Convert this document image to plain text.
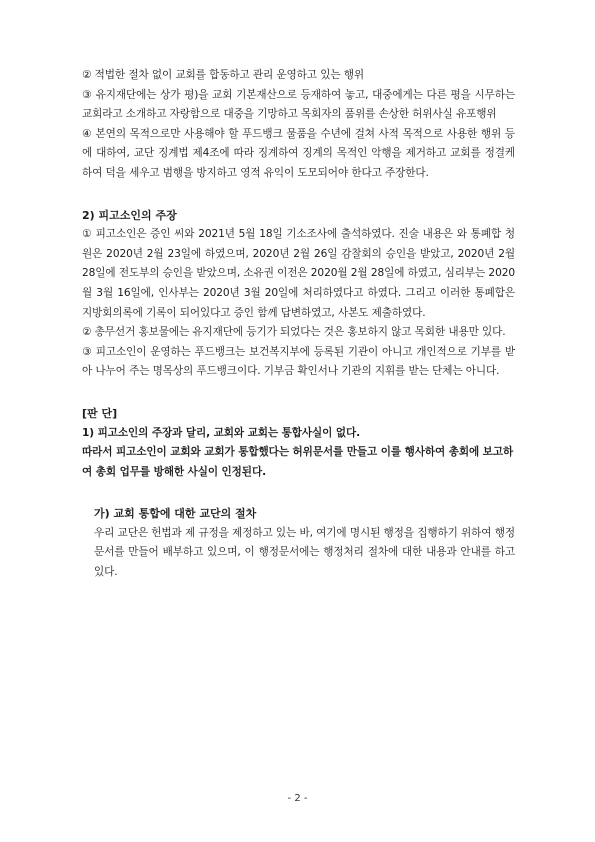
② 적법한 절차 없이 교회를 합동하고 관리 운영하고 있는 행위

③ 유지재단에는 상가 평)을 교회 기본재산으로 등재하여 놓고, 대중에게는 다른 평을 시무하는 교회라고 소개하고 자랑함으로 대중을 기망하고 목회자의 품위를 손상한 허위사실 유포행위

④ 본연의 목적으로만 사용해야 할 푸드뱅크 물품을 수년에 걸쳐 사적 목적으로 사용한 행위 등에 대하여, 교단 징계법 제4조에 따라 징계하여 징계의 목적인 악행을 제거하고 교회를 정결케 하여 덕을 세우고 범행을 방지하고 영적 유익이 도모되어야 한다고 주장한다.

2) 피고소인의 주장

① 피고소인은 증인 씨와 2021년 5월 18일 기소조사에 출석하였다. 진술 내용은 와 통폐합 청원은 2020년 2월 23일에 하였으며, 2020년 2월 26일 감찰회의 승인을 받았고, 2020년 2월 28일에 전도부의 승인을 받았으며, 소유권 이전은 2020월 2월 28일에 하였고, 심리부는 2020월 3월 16일에, 인사부는 2020년 3월 20일에 처리하였다고 하였다. 그리고 이러한 통폐합은 지방회의록에 기록이 되어있다고 증인 함께 답변하였고, 사본도 제출하였다.

② 총무선거 홍보물에는 유지재단에 등기가 되었다는 것은 홍보하지 않고 목회한 내용만 있다.

③ 피고소인이 운영하는 푸드뱅크는 보건복지부에 등록된 기관이 아니고 개인적으로 기부를 받아 나누어 주는 명목상의 푸드뱅크이다. 기부금 확인서나 기관의 지휘를 받는 단체는 아니다.

[판 단]

1) 피고소인의 주장과 달리, 교회와 교회는 통합사실이 없다.

따라서 피고소인이 교회와 교회가 통합했다는 허위문서를 만들고 이를 행사하여 총회에 보고하여 총회 업무를 방해한 사실이 인정된다.

가) 교회 통합에 대한 교단의 절차

우리 교단은 헌법과 제 규정을 제정하고 있는 바, 여기에 명시된 행정을 집행하기 위하여 행정문서를 만들어 배부하고 있으며, 이 행정문서에는 행정처리 절차에 대한 내용과 안내를 하고 있다.

- 2 -
